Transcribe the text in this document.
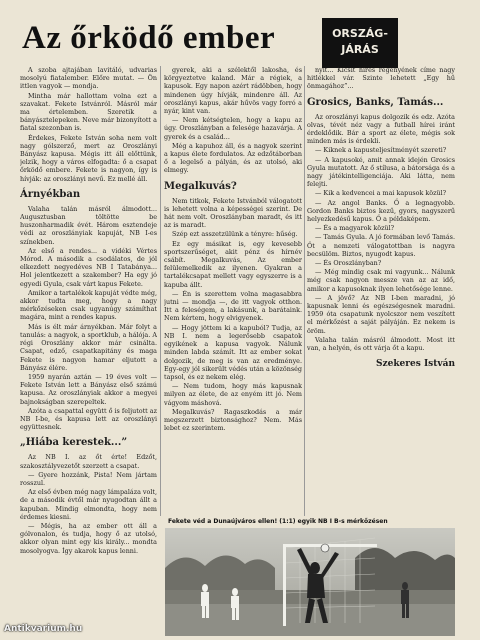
Az őrködő ember	ORSZÁG-
JÁRÁS

A szoba ajtajában lavitáló, udvarias mosolyú fiatalember. Előre mutat. — Ön ittlen vagyok — mondja.

Mintha már hallottam volna ezt a szavakat. Fekete Istvánról. Másról már ma értelemben. Szeretik a bányásztelepeken. Neve már bizonyított a fiatal szezonban is.

Érdekes, Fekete István soha nem volt nagy gólszerző, mert az Oroszlányi Bányász kapusa. Mégis itt áll előttünk, jelzik, hogy a város elfogadta: ő a csapat őrködő embere. Fekete is nagyon, így is hívják: az oroszlányi nevű. Ez mellé áll.

Árnyékban

Valaha talán másról álmodott... Augusztusban töltötte be huszonharmadik évét. Három esztendeje védi az oroszlányiak kapuját, NB I-es színekben.

Az első a rendes... a vidéki Vértes Mórod. A második a csodálatos, de jól elkezdett negyedéves NB I Tatabánya... Hol jelentkezett a szakember? Ha egy jó egyedi Gyula, csak várt kapus Fekete.

Amikor a tartalékok kapuját védte még, akkor tudta meg, hogy a nagy mérkőzéseken csak ugyanúgy számíthat magára, mint a rendes kapus.

Más is élt már árnyékban. Már folyt a tanulás: a nagyok, a sportklub, a hálója. A régi Oroszlány akkor már csinálta. Csapat, edző, csapatkapitány és maga Fekete is nagyon hamar eljutott a Bányász élére.

1959 nyarán aztán — 19 éves volt — Fekete István lett a Bányász első számú kapusa. Az oroszlányiak akkor a megyei bajnokságban szerepeltek.

Azóta a csapattal együtt ő is feljutott az NB I-be, és kapusa lett az oroszlányi együttesnek.

„Hiába kerestek...”

Az NB I. az őt érte! Edzőt, szakosztályvezetőt szerzett a csapat.

— Gyere hozzánk, Pista! Nem jártam rosszul.

Az első évben még nagy lámpaláza volt, de a második évtől már nyugodtan állt a kapuban. Mindig elmondta, hogy nem érdemes kiesni.

— Mégis, ha az ember ott áll a gólvonalon, és tudja, hogy ő az utolsó, akkor olyan mint egy kis király... mondta mosolyogva. Így akarok kapus lenni.

gyerek, aki a szélektől lakosha, és körgyeztetve kaland. Már a régiek, a kapusok. Egy napon azért rádöbben, hogy mindenen úgy hívják, mindenre áll. Az oroszlányi kapus, akár hűvös vagy forró a nyár, kint van.

— Nem kétségtelen, hogy a kapu az úgy. Oroszlányban a felesége hazavárja. A gyerek és a család...

Még a kapuhoz áll, és a nagyok szerint a kapus élete fordulatos. Az edzőtáborban ő a legelső a pályán, és az utolsó, aki elmegy.

Megalkuvás?

Nem titkok, Fekete Istvánból válogatott is lehetett volna a képességei szerint. De hát nem volt. Oroszlányban maradt, és itt az is maradt.

Szép ezt asszetzülünk a tényre: hűség.

Ez egy másikat is, egy kevesebb sportszerűséget, akit pénz és hírnév csábít. Megalkuvás, Az ember felülemelkedik az ilyenen. Gyakran a tartalékcsapat mellett vagy egyszerre is a kapuba állt.

— Én is szerettem volna magasabbra jutni — mondja —, de itt vagyok otthon. Itt a feleségem, a lakásunk, a barátaink. Nem kértem, hogy elvigyenek.

— Hogy jöttem ki a kapuból? Tudja, az NB I. nem a legerősebb csapatok egyikének a kapusa vagyok. Nálunk minden labda számít. Itt az ember sokat dolgozik, de meg is van az eredménye. Egy-egy jól sikerült védés után a közönség tapsol, és ez nekem elég.

— Nem tudom, hogy más kapusnak milyen az élete, de az enyém itt jó. Nem vágyom máshová.

Megalkuvás? Ragaszkodás a már megszerzett biztonsághoz? Nem. Más lebet ez szerintem.

nyit... Kicsit híres regényének címe nagy hitlékkel vár. Szinte lehetett „Egy hű önmagához”...

Grosics, Banks, Tamás...

Az oroszlányi kapus dolgozik és edz. Azóta olvas, tévét néz vagy a futball hírei iránt érdeklődik. Bár a sport az élete, mégis sok minden más is érdekli.

— Kiknek a kapusteljesítményét szereti?

— A kapusoké, amit annak idején Grosics Gyula mutatott. Az ő stílusa, a bátorsága és a nagy játékintelligenciája. Aki látta, nem felejti.

— Kik a kedvencei a mai kapusok közül?

— Az angol Banks. Ő a legnagyobb. Gordon Banks biztos kezű, gyors, nagyszerű helyezkedésű kapus. Ő a példaképem.

— És a magyarok közül?

— Tamás Gyula. A jó formában levő Tamás. Őt a nemzeti válogatottban is nagyra becsülöm. Biztos, nyugodt kapus.

— És Oroszlányban?

— Még mindig csak mi vagyunk... Nálunk még csak nagyon messze van az az idő, amikor a kapusoknak ilyen lehetősége lenne.

— A jövő? Az NB I-ben maradni, jó kapusnak lenni és egészségesnek maradni. 1959 óta csapatunk nyolcszor nem veszített el mérkőzést a saját pályáján. Ez nekem is öröm.

Valaha talán másról álmodott. Most itt van, a helyén, és ott várja őt a kapu.

Szekeres István
Fekete véd a Dunaújváros ellen! (1:1) egyik NB I B-s mérkőzésen
Antikvarium.hu
